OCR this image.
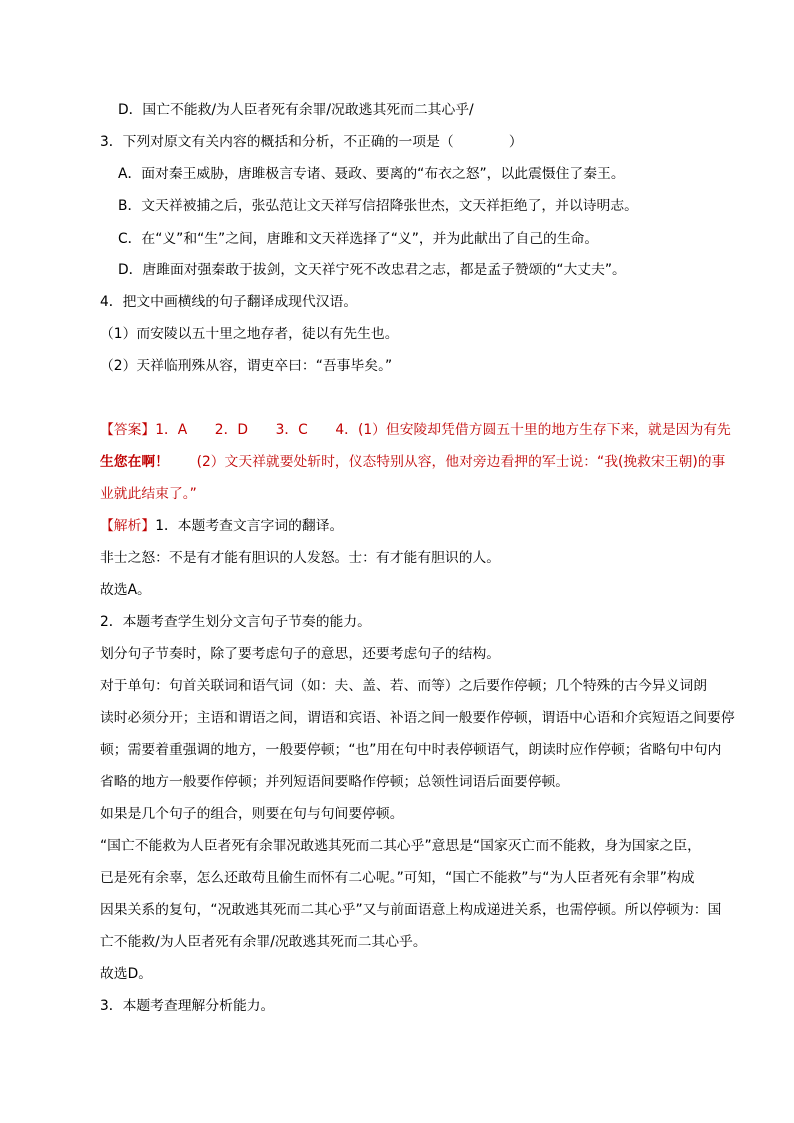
D．国亡不能救/为人臣者死有余罪/况敢逃其死而二其心乎/
3．下列对原文有关内容的概括和分析，不正确的一项是（　　　　）
A．面对秦王威胁，唐雎极言专诸、聂政、要离的“布衣之怒”，以此震慑住了秦王。
B．文天祥被捕之后，张弘范让文天祥写信招降张世杰，文天祥拒绝了，并以诗明志。
C．在“义”和“生”之间，唐雎和文天祥选择了“义”，并为此献出了自己的生命。
D．唐雎面对强秦敢于拔剑，文天祥宁死不改忠君之志，都是孟子赞颂的“大丈夫”。
4．把文中画横线的句子翻译成现代汉语。
（1）而安陵以五十里之地存者，徒以有先生也。
（2）天祥临刑殊从容，谓吏卒曰：“吾事毕矣。”
【答案】1．A　　2．D　　3．C　　4．(1）但安陵却凭借方圆五十里的地方生存下来，就是因为有先
生您在啊！　　(2）文天祥就要处斩时，仪态特别从容，他对旁边看押的军士说：“我(挽救宋王朝)的事
业就此结束了。”
【解析】1．本题考查文言字词的翻译。
非士之怒：不是有才能有胆识的人发怒。士：有才能有胆识的人。
故选A。
2．本题考查学生划分文言句子节奏的能力。
划分句子节奏时，除了要考虑句子的意思，还要考虑句子的结构。
对于单句：句首关联词和语气词（如：夫、盖、若、而等）之后要作停顿；几个特殊的古今异义词朗
读时必须分开；主语和谓语之间，谓语和宾语、补语之间一般要作停顿，谓语中心语和介宾短语之间要停
顿；需要着重强调的地方，一般要停顿；“也”用在句中时表停顿语气，朗读时应作停顿；省略句中句内
省略的地方一般要作停顿；并列短语间要略作停顿；总领性词语后面要停顿。
如果是几个句子的组合，则要在句与句间要停顿。
“国亡不能救为人臣者死有余罪况敢逃其死而二其心乎”意思是“国家灭亡而不能救，身为国家之臣，
已是死有余辜，怎么还敢苟且偷生而怀有二心呢。”可知，“国亡不能救”与“为人臣者死有余罪”构成
因果关系的复句，“况敢逃其死而二其心乎”又与前面语意上构成递进关系，也需停顿。所以停顿为：国
亡不能救/为人臣者死有余罪/况敢逃其死而二其心乎。
故选D。
3．本题考查理解分析能力。
